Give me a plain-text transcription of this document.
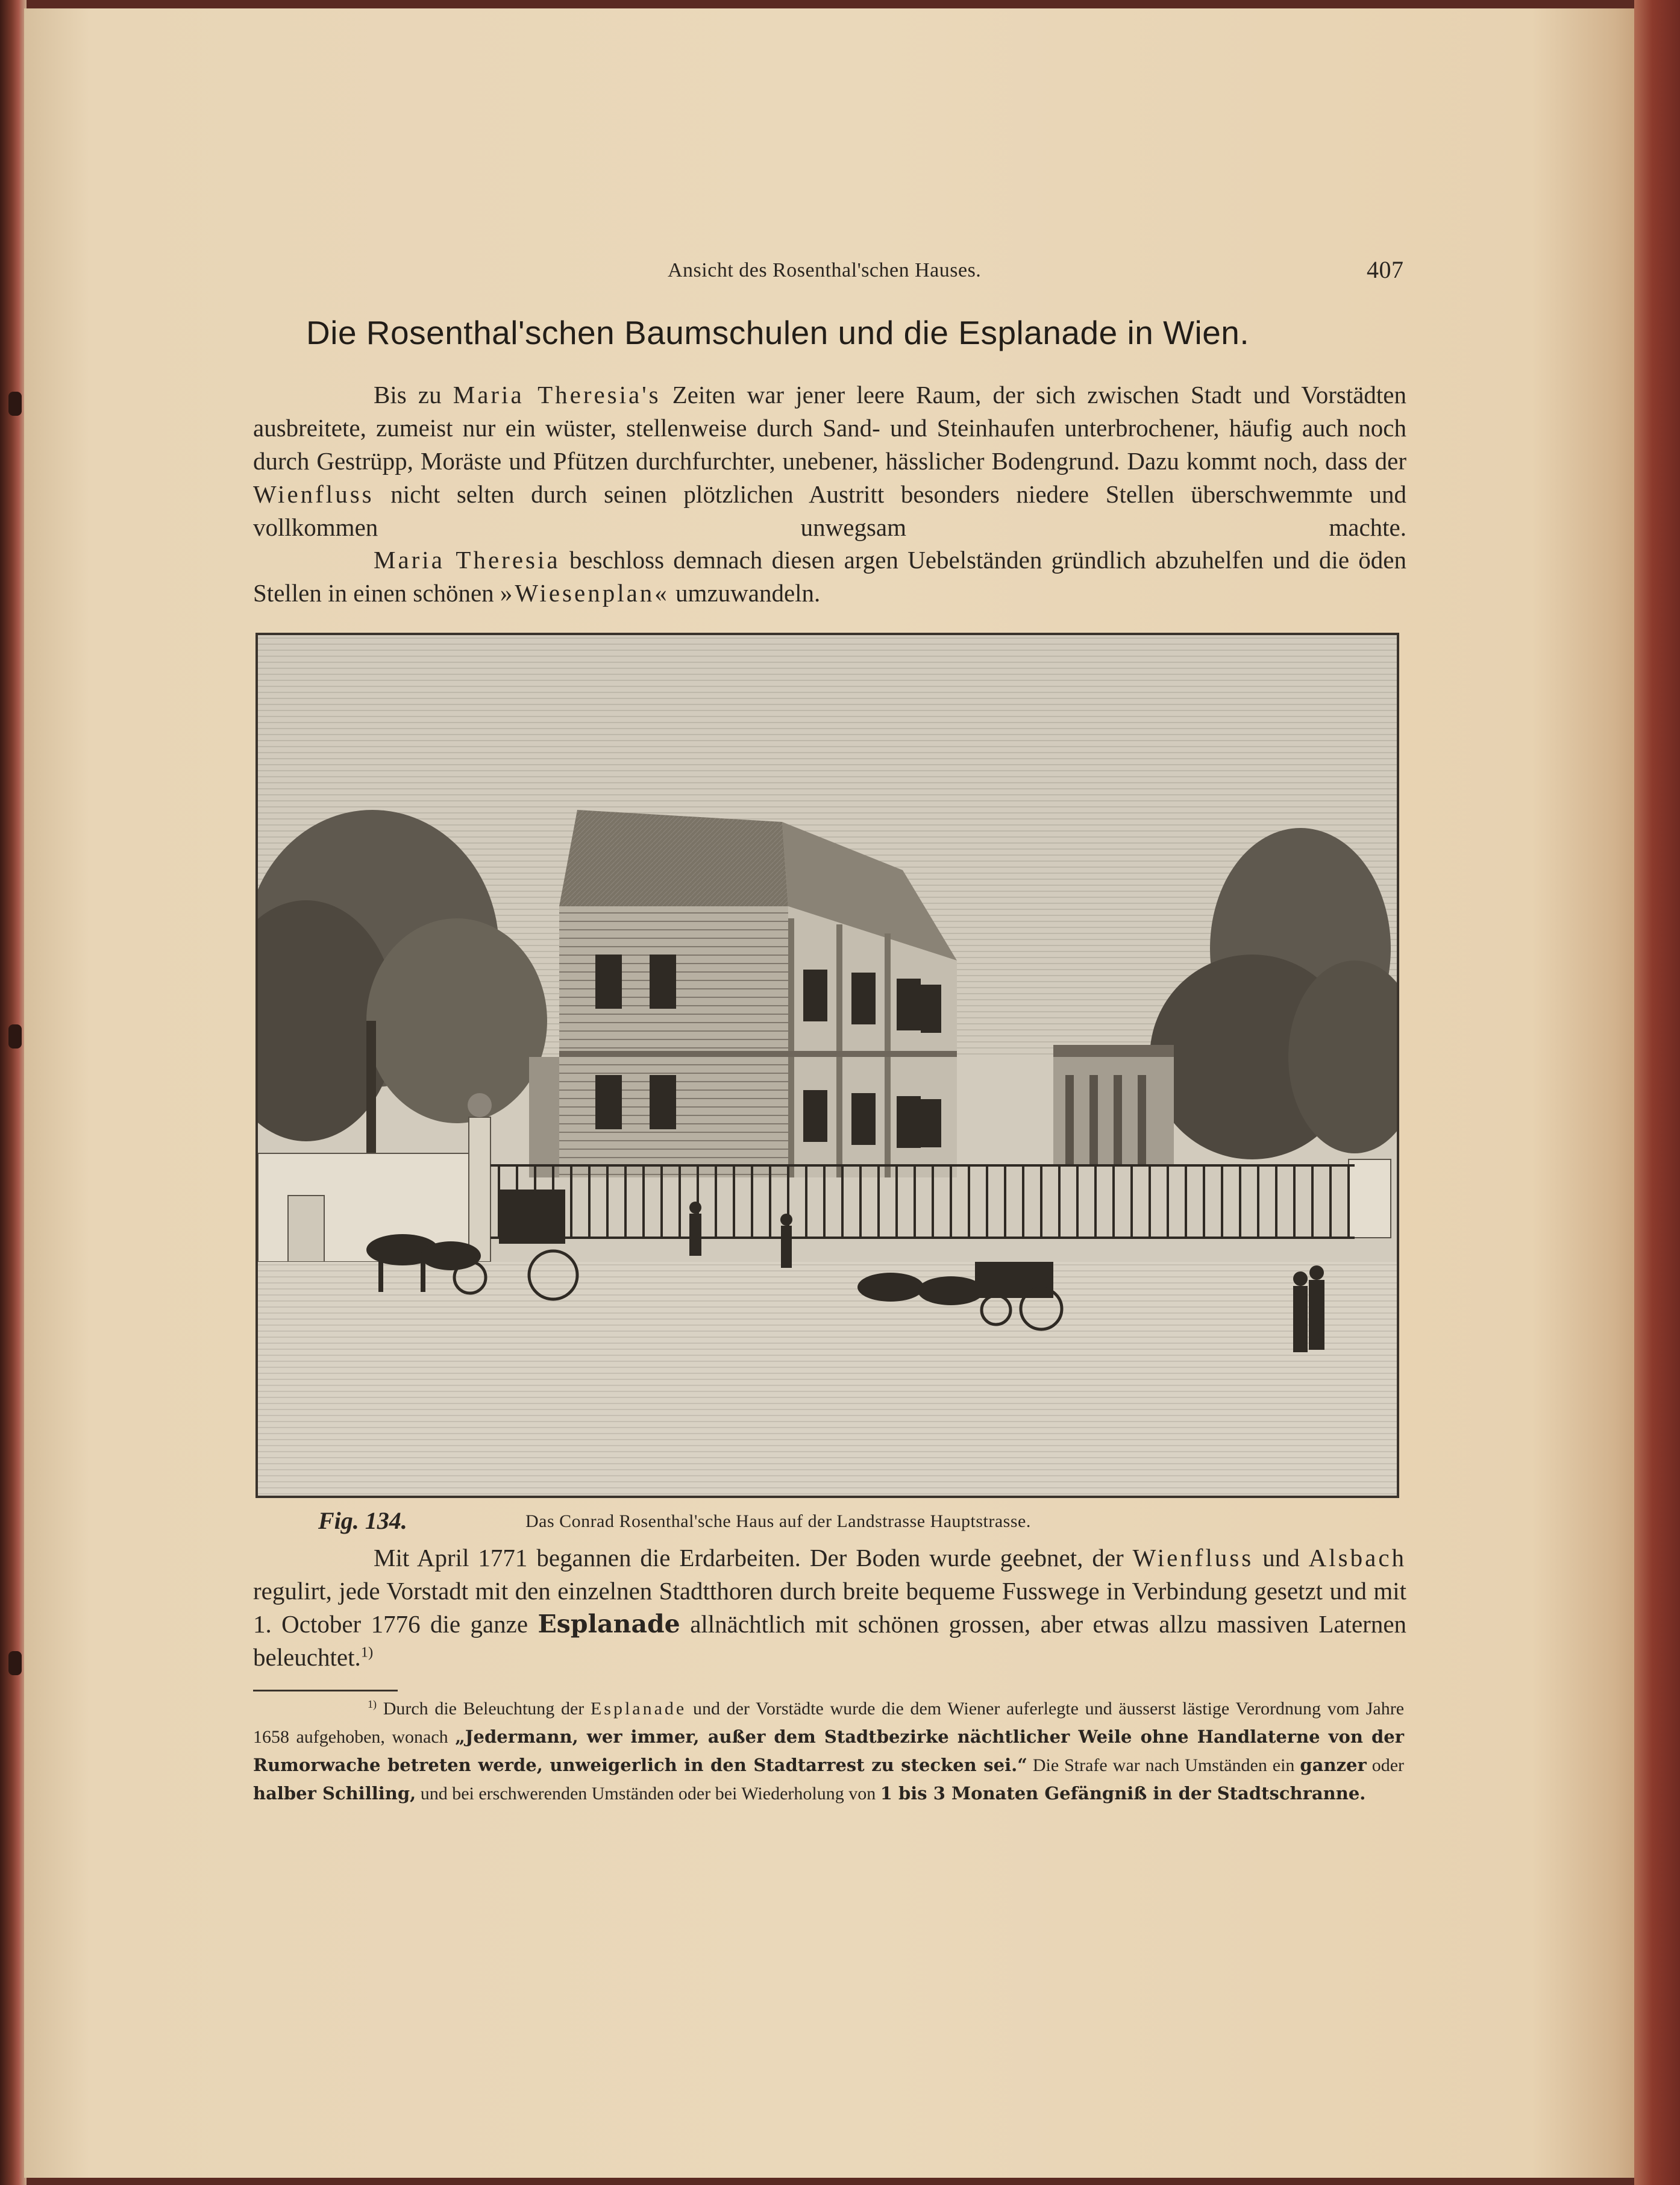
Ansicht des Rosenthal'schen Hauses.	407
Die Rosenthal'schen Baumschulen und die Esplanade in Wien.

Bis zu Maria Theresia's Zeiten war jener leere Raum, der sich zwischen Stadt und Vorstädten ausbreitete, zumeist nur ein wüster, stellenweise durch Sand- und Steinhaufen unterbrochener, häufig auch noch durch Gestrüpp, Moräste und Pfützen durchfurchter, unebener, hässlicher Bodengrund. Dazu kommt noch, dass der Wienfluss nicht selten durch seinen plötzlichen Austritt besonders niedere Stellen überschwemmte und vollkommen unwegsam machte.

Maria Theresia beschloss demnach diesen argen Uebelständen gründlich abzuhelfen und die öden Stellen in einen schönen »Wiesenplan« umzuwandeln.

Fig. 134.	Das Conrad Rosenthal'sche Haus auf der Landstrasse Hauptstrasse.

Mit April 1771 begannen die Erdarbeiten. Der Boden wurde geebnet, der Wienfluss und Alsbach regulirt, jede Vorstadt mit den einzelnen Stadtthoren durch breite bequeme Fusswege in Verbindung gesetzt und mit 1. October 1776 die ganze Esplanade allnächtlich mit schönen grossen, aber etwas allzu massiven Laternen beleuchtet.$^{1)}$

$^{1)}$ Durch die Beleuchtung der Esplanade und der Vorstädte wurde die dem Wiener auferlegte und äusserst lästige Verordnung vom Jahre 1658 aufgehoben, wonach „Jedermann, wer immer, außer dem Stadtbezirke nächtlicher Weile ohne Handlaterne von der Rumorwache betreten werde, unweigerlich in den Stadtarrest zu stecken sei.“ Die Strafe war nach Umständen ein ganzer oder halber Schilling, und bei erschwerenden Umständen oder bei Wiederholung von 1 bis 3 Monaten Gefängniß in der Stadtschranne.
